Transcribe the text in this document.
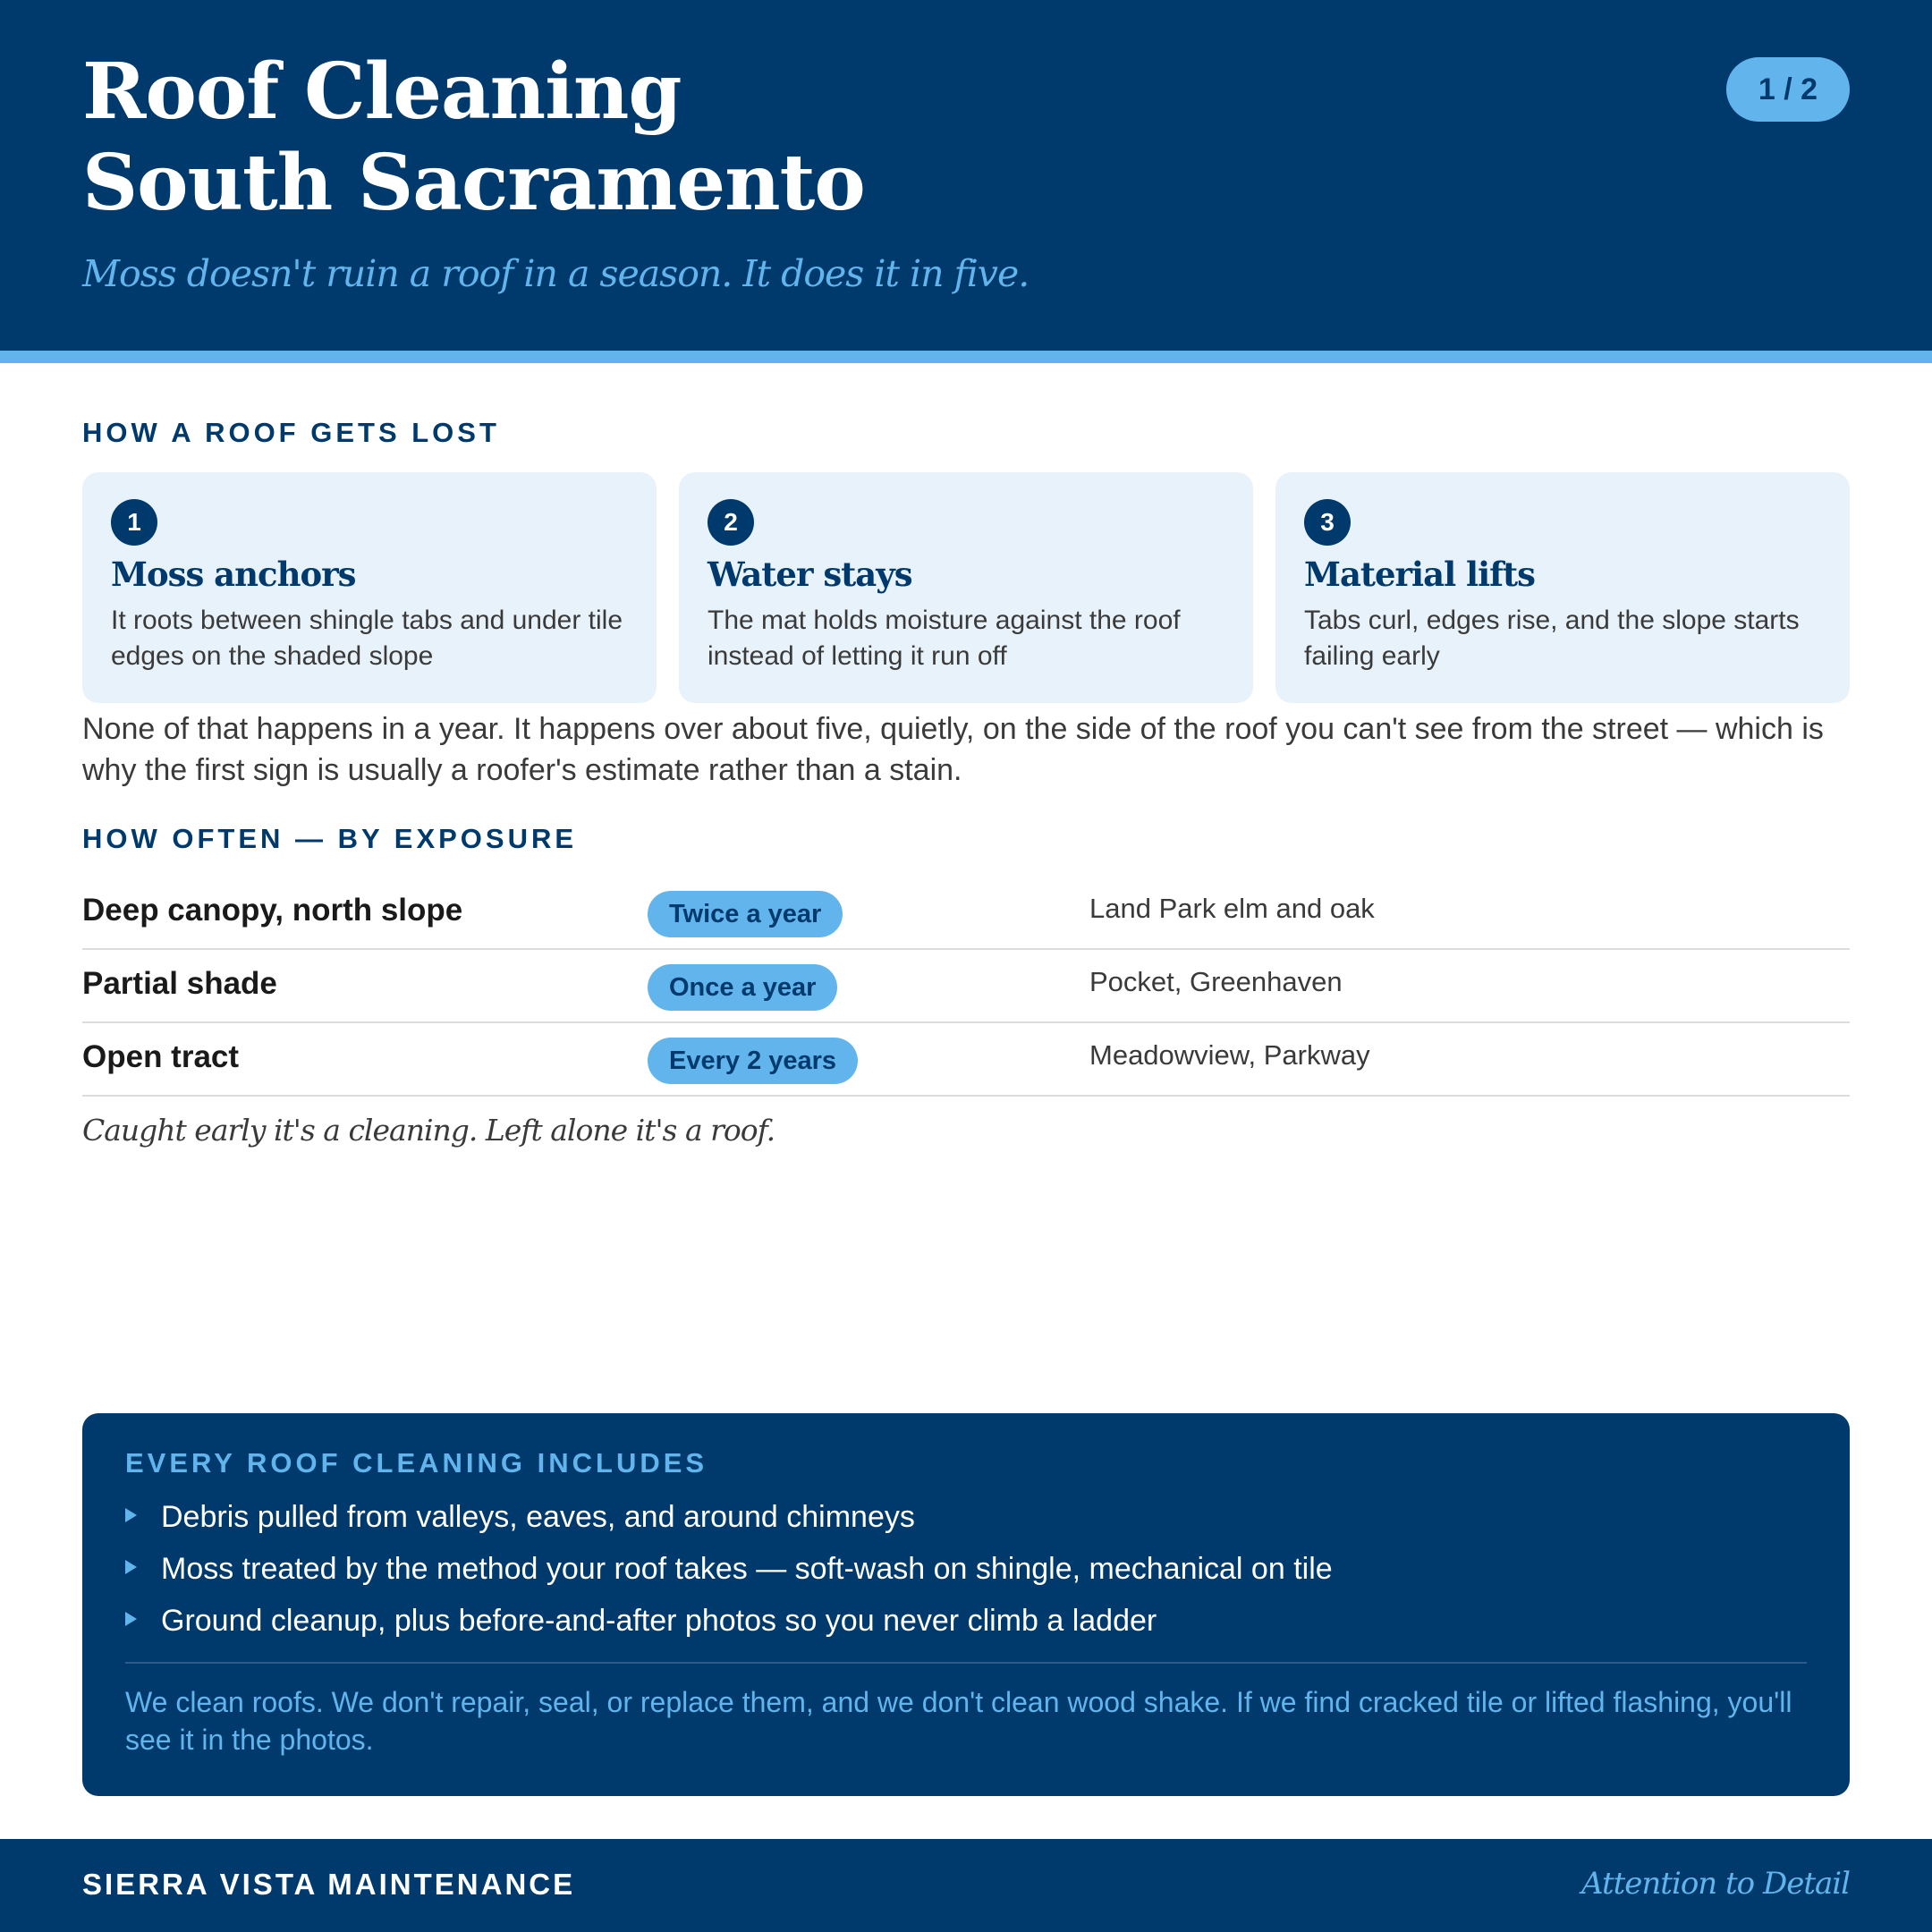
Roof Cleaning
South Sacramento
Moss doesn't ruin a roof in a season. It does it in five.
1 / 2
HOW A ROOF GETS LOST
1
Moss anchors
It roots between shingle tabs and under tile edges on the shaded slope
2
Water stays
The mat holds moisture against the roof instead of letting it run off
3
Material lifts
Tabs curl, edges rise, and the slope starts failing early
None of that happens in a year. It happens over about five, quietly, on the side of the roof you can't see from the street — which is why the first sign is usually a roofer's estimate rather than a stain.
HOW OFTEN — BY EXPOSURE
Deep canopy, north slope	Twice a year	Land Park elm and oak
Partial shade	Once a year	Pocket, Greenhaven
Open tract	Every 2 years	Meadowview, Parkway
Caught early it's a cleaning. Left alone it's a roof.
EVERY ROOF CLEANING INCLUDES
Debris pulled from valleys, eaves, and around chimneys
Moss treated by the method your roof takes — soft-wash on shingle, mechanical on tile
Ground cleanup, plus before-and-after photos so you never climb a ladder
We clean roofs. We don't repair, seal, or replace them, and we don't clean wood shake. If we find cracked tile or lifted flashing, you'll see it in the photos.
SIERRA VISTA MAINTENANCE	Attention to Detail
